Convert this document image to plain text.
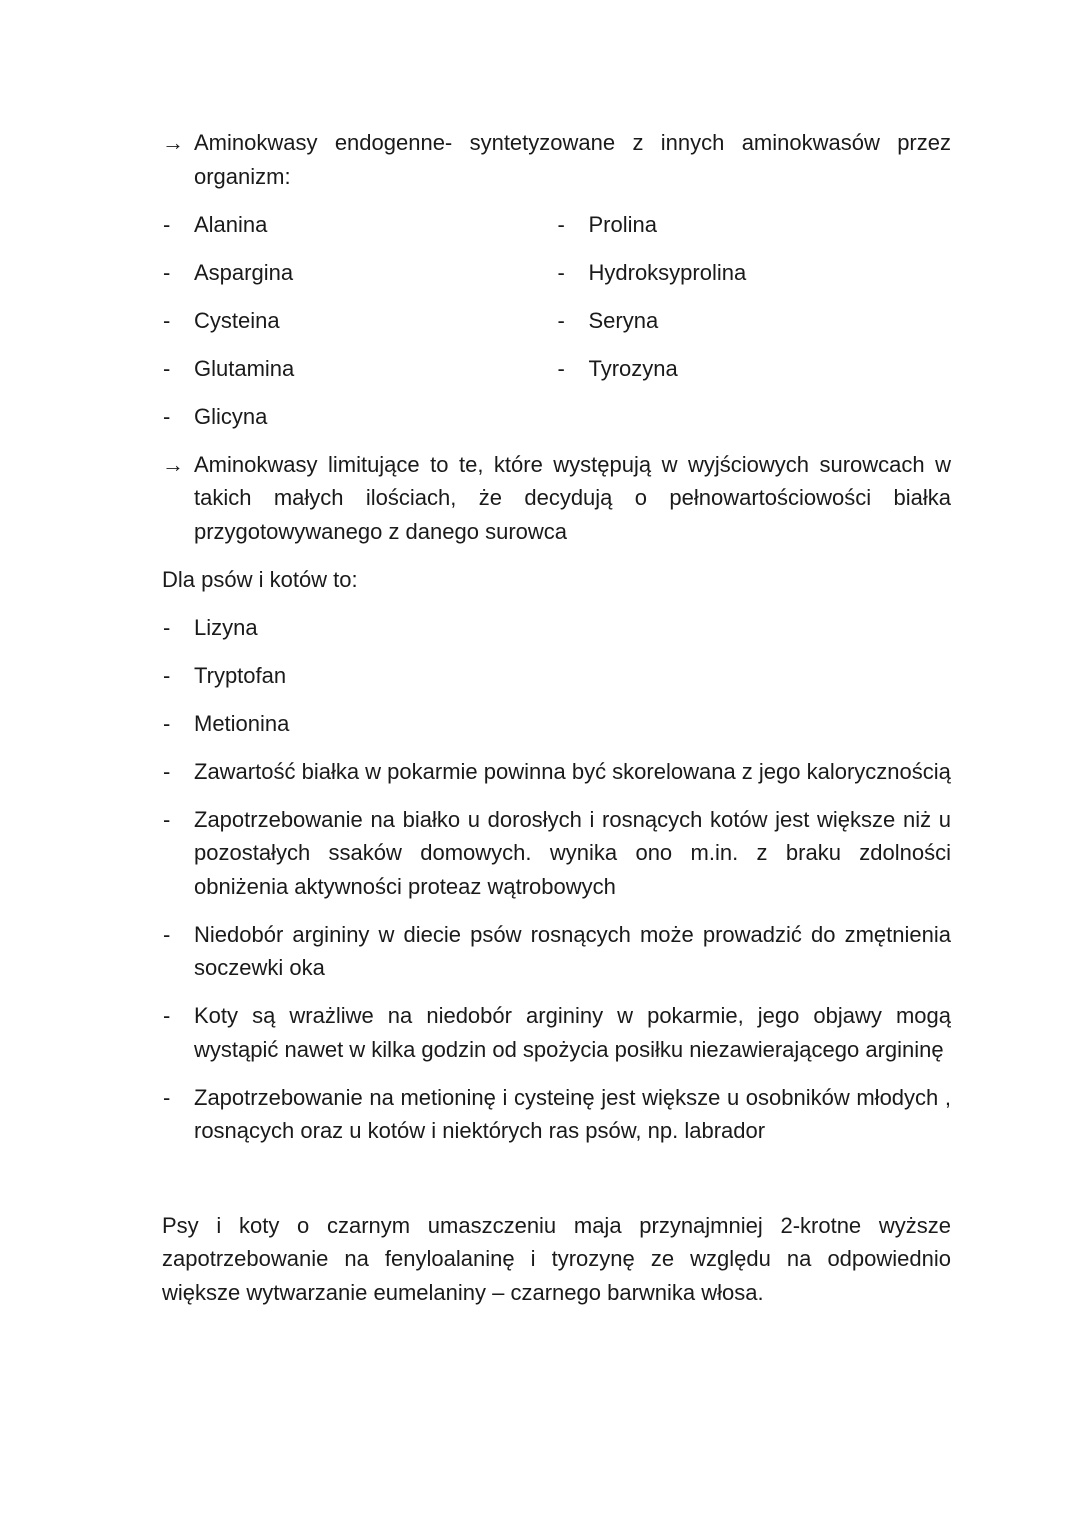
→ Aminokwasy endogenne- syntetyzowane z innych aminokwasów przez organizm:

- Alanina

- Aspargina

- Cysteina

- Glutamina

- Glicyna

- Prolina

- Hydroksyprolina

- Seryna

- Tyrozyna

→ Aminokwasy limitujące to te, które występują w wyjściowych surowcach w takich małych ilościach, że decydują o pełnowartościowości białka przygotowywanego z danego surowca

Dla psów i kotów to:

- Lizyna

- Tryptofan

- Metionina

- Zawartość białka w pokarmie powinna być skorelowana z jego kalorycznością

- Zapotrzebowanie na białko u dorosłych i rosnących kotów jest większe niż u pozostałych ssaków domowych. wynika ono m.in. z braku zdolności obniżenia aktywności proteaz wątrobowych

- Niedobór argininy w diecie psów rosnących może prowadzić do zmętnienia soczewki oka

- Koty są wrażliwe na niedobór argininy w pokarmie, jego objawy mogą wystąpić nawet w kilka godzin od spożycia posiłku niezawierającego argininę

- Zapotrzebowanie na metioninę i cysteinę jest większe u osobników młodych , rosnących oraz u kotów i niektórych ras psów, np. labrador

Psy i koty o czarnym umaszczeniu maja przynajmniej 2-krotne wyższe zapotrzebowanie na fenyloalaninę i tyrozynę ze względu na odpowiednio większe wytwarzanie eumelaniny – czarnego barwnika włosa.
